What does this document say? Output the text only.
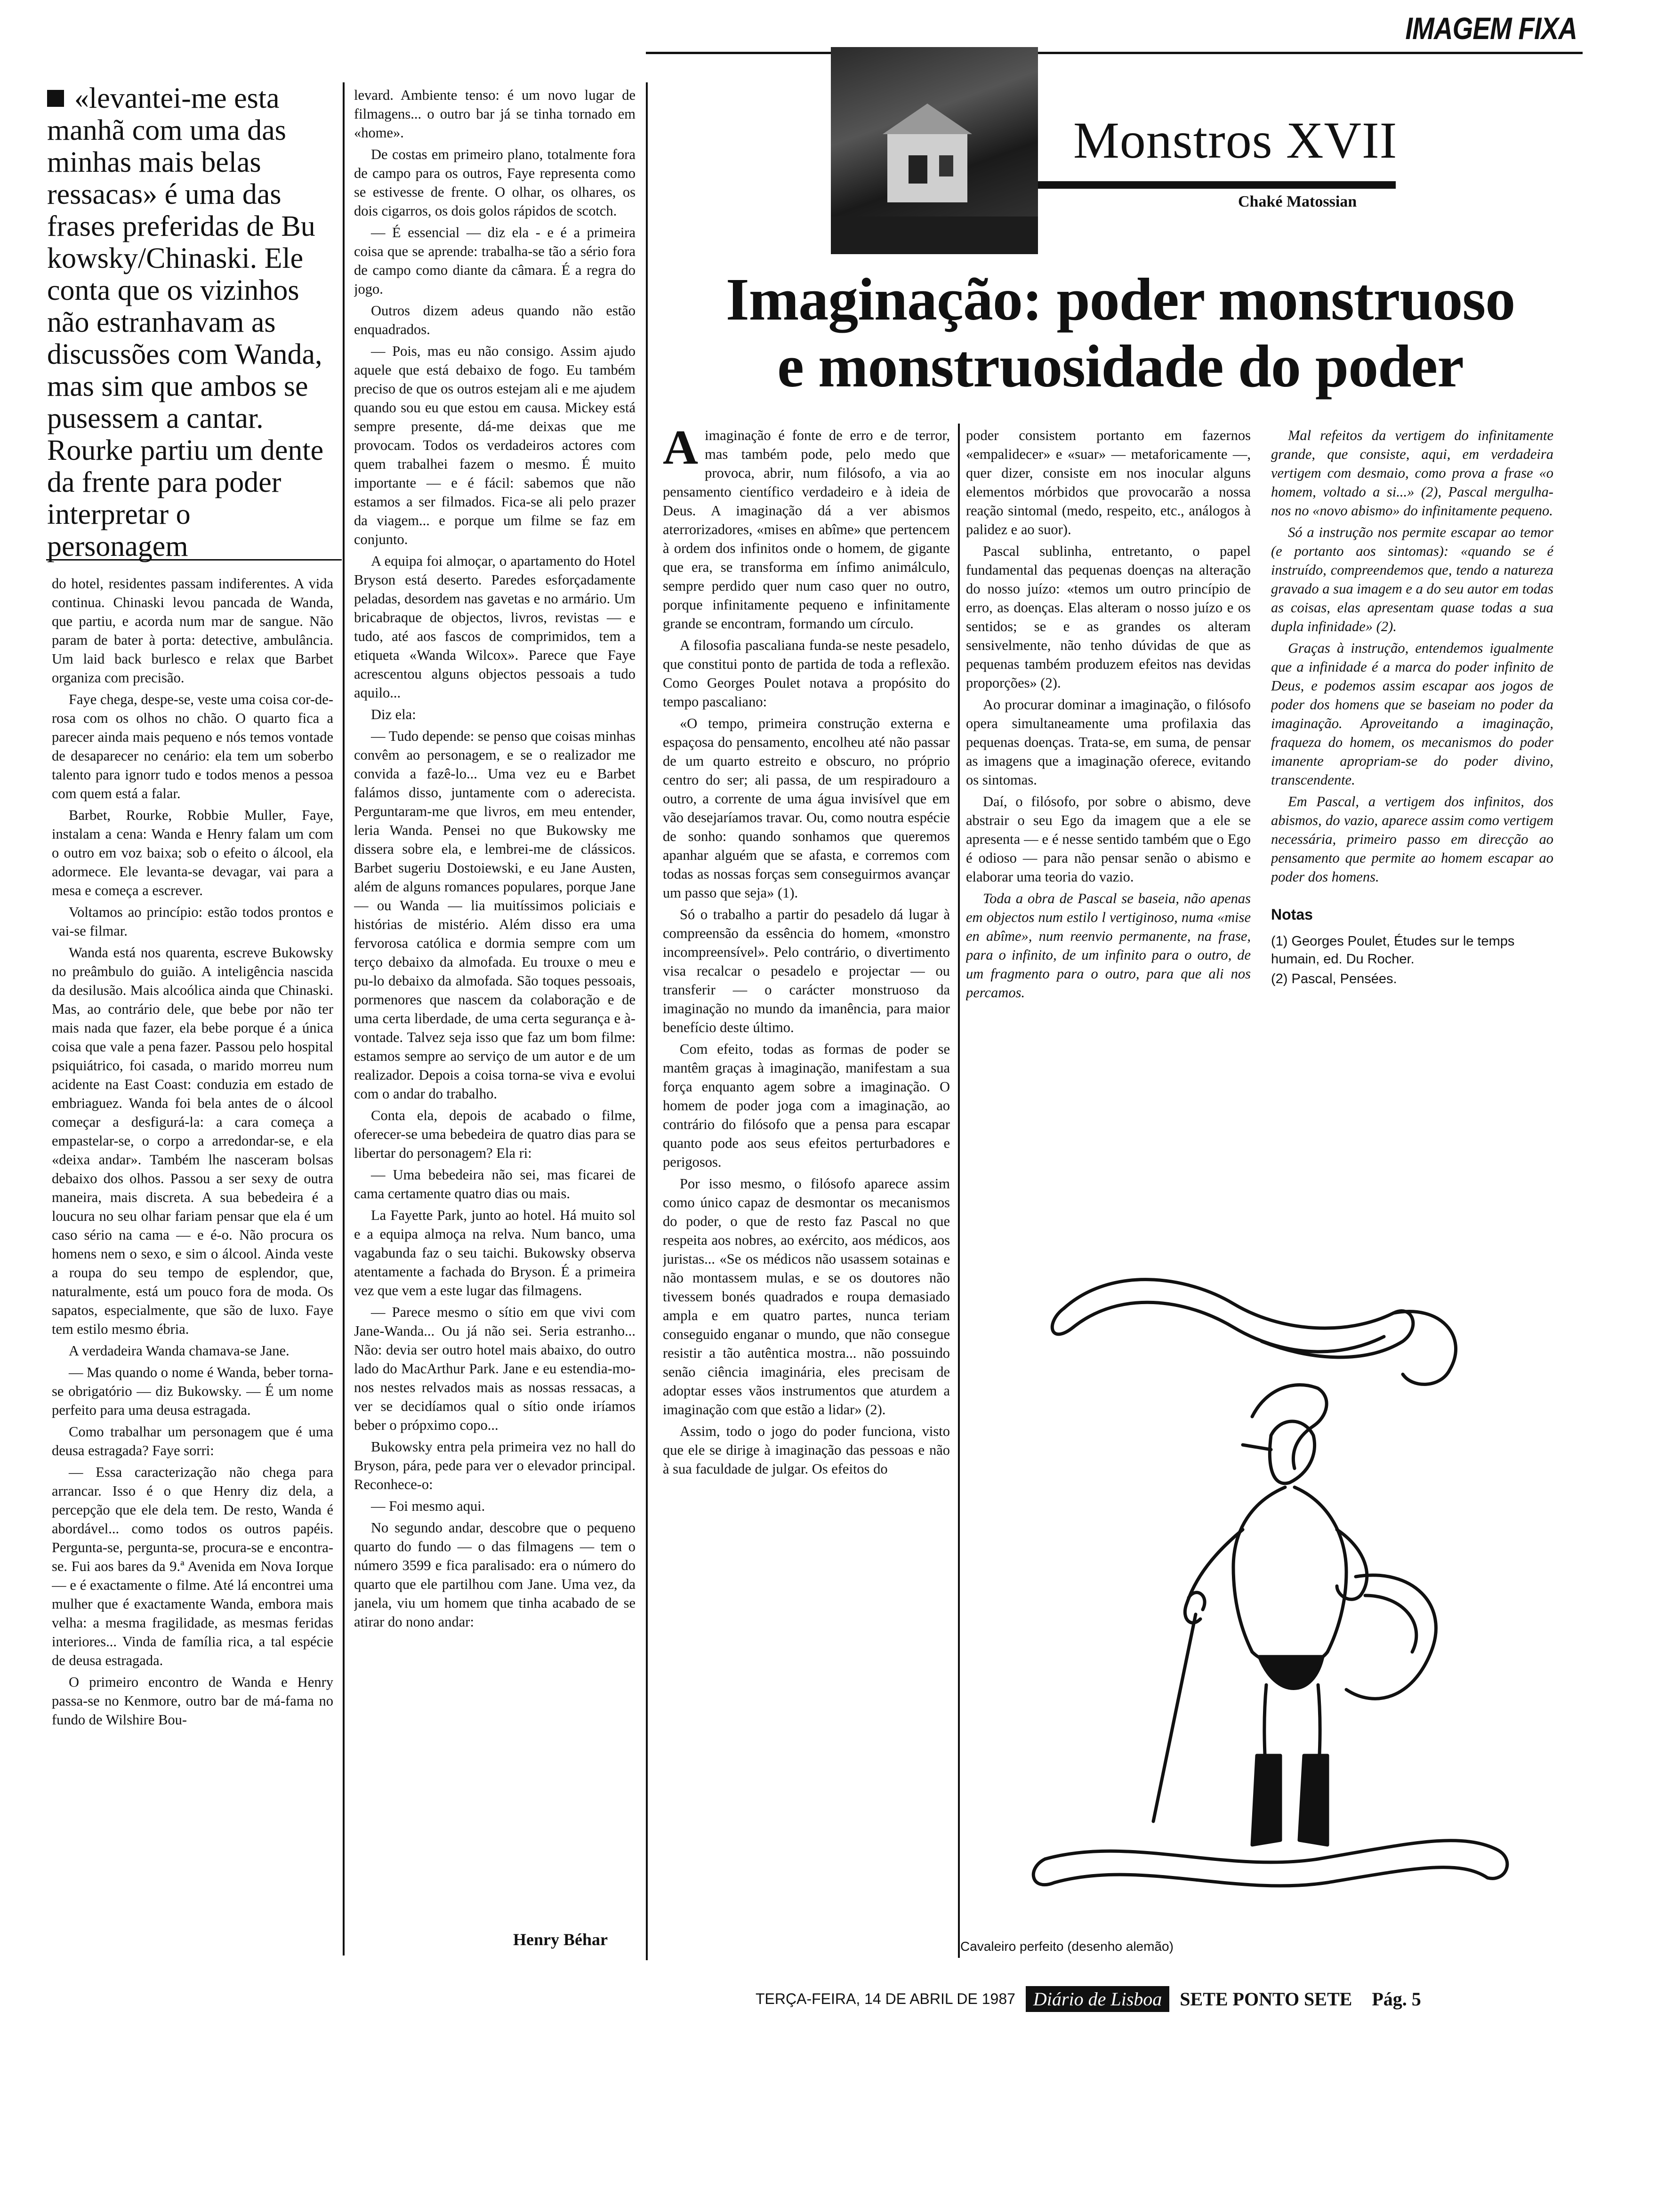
IMAGEM FIXA
«levantei-me esta manhã com uma das minhas mais belas ressacas» é uma das frases preferidas de Bu kowsky/Chinaski. Ele conta que os vizinhos não estranhavam as discussões com Wanda, mas sim que ambos se pusessem a cantar. Rourke partiu um dente da frente para poder interpretar o personagem

do hotel, residentes passam indiferentes. A vida continua. Chinaski levou pancada de Wanda, que partiu, e acorda num mar de sangue. Não param de bater à porta: detective, ambulância. Um laid back burlesco e relax que Barbet organiza com precisão.

Faye chega, despe-se, veste uma coisa cor-de-rosa com os olhos no chão. O quarto fica a parecer ainda mais pequeno e nós temos vontade de desaparecer no cenário: ela tem um soberbo talento para ignorr tudo e todos menos a pessoa com quem está a falar.

Barbet, Rourke, Robbie Muller, Faye, instalam a cena: Wanda e Henry falam um com o outro em voz baixa; sob o efeito o álcool, ela adormece. Ele levanta-se devagar, vai para a mesa e começa a escrever.

Voltamos ao princípio: estão todos prontos e vai-se filmar.

Wanda está nos quarenta, escreve Bukowsky no preâmbulo do guião. A inteligência nascida da desilusão. Mais alcoólica ainda que Chinaski. Mas, ao contrário dele, que bebe por não ter mais nada que fazer, ela bebe porque é a única coisa que vale a pena fazer. Passou pelo hospital psiquiátrico, foi casada, o marido morreu num acidente na East Coast: conduzia em estado de embriaguez. Wanda foi bela antes de o álcool começar a desfigurá-la: a cara começa a empastelar-se, o corpo a arredondar-se, e ela «deixa andar». Também lhe nasceram bolsas debaixo dos olhos. Passou a ser sexy de outra maneira, mais discreta. A sua bebedeira é a loucura no seu olhar fariam pensar que ela é um caso sério na cama — e é-o. Não procura os homens nem o sexo, e sim o álcool. Ainda veste a roupa do seu tempo de esplendor, que, naturalmente, está um pouco fora de moda. Os sapatos, especialmente, que são de luxo. Faye tem estilo mesmo ébria.

A verdadeira Wanda chamava-se Jane.

— Mas quando o nome é Wanda, beber torna-se obrigatório — diz Bukowsky. — É um nome perfeito para uma deusa estragada.

Como trabalhar um personagem que é uma deusa estragada? Faye sorri:

— Essa caracterização não chega para arrancar. Isso é o que Henry diz dela, a percepção que ele dela tem. De resto, Wanda é abordável... como todos os outros papéis. Pergunta-se, pergunta-se, procura-se e encontra-se. Fui aos bares da 9.ª Avenida em Nova Iorque — e é exactamente o filme. Até lá encontrei uma mulher que é exactamente Wanda, embora mais velha: a mesma fragilidade, as mesmas feridas interiores... Vinda de família rica, a tal espécie de deusa estragada.

O primeiro encontro de Wanda e Henry passa-se no Kenmore, outro bar de má-fama no fundo de Wilshire Bou-

levard. Ambiente tenso: é um novo lugar de filmagens... o outro bar já se tinha tornado em «home».

De costas em primeiro plano, totalmente fora de campo para os outros, Faye representa como se estivesse de frente. O olhar, os olhares, os dois cigarros, os dois golos rápidos de scotch.

— É essencial — diz ela - e é a primeira coisa que se aprende: trabalha-se tão a sério fora de campo como diante da câmara. É a regra do jogo.

Outros dizem adeus quando não estão enquadrados.

— Pois, mas eu não consigo. Assim ajudo aquele que está debaixo de fogo. Eu também preciso de que os outros estejam ali e me ajudem quando sou eu que estou em causa. Mickey está sempre presente, dá-me deixas que me provocam. Todos os verdadeiros actores com quem trabalhei fazem o mesmo. É muito importante — e é fácil: sabemos que não estamos a ser filmados. Fica-se ali pelo prazer da viagem... e porque um filme se faz em conjunto.

A equipa foi almoçar, o apartamento do Hotel Bryson está deserto. Paredes esforçadamente peladas, desordem nas gavetas e no armário. Um bricabraque de objectos, livros, revistas — e tudo, até aos fascos de comprimidos, tem a etiqueta «Wanda Wilcox». Parece que Faye acrescentou alguns objectos pessoais a tudo aquilo...

Diz ela:

— Tudo depende: se penso que coisas minhas convêm ao personagem, e se o realizador me convida a fazê-lo... Uma vez eu e Barbet falámos disso, juntamente com o aderecista. Perguntaram-me que livros, em meu entender, leria Wanda. Pensei no que Bukowsky me dissera sobre ela, e lembrei-me de clássicos. Barbet sugeriu Dostoiewski, e eu Jane Austen, além de alguns romances populares, porque Jane — ou Wanda — lia muitíssimos policiais e histórias de mistério. Além disso era uma fervorosa católica e dormia sempre com um terço debaixo da almofada. Eu trouxe o meu e pu-lo debaixo da almofada. São toques pessoais, pormenores que nascem da colaboração e de uma certa liberdade, de uma certa segurança e à-vontade. Talvez seja isso que faz um bom filme: estamos sempre ao serviço de um autor e de um realizador. Depois a coisa torna-se viva e evolui com o andar do trabalho.

Conta ela, depois de acabado o filme, oferecer-se uma bebedeira de quatro dias para se libertar do personagem? Ela ri:

— Uma bebedeira não sei, mas ficarei de cama certamente quatro dias ou mais.

La Fayette Park, junto ao hotel. Há muito sol e a equipa almoça na relva. Num banco, uma vagabunda faz o seu taichi. Bukowsky observa atentamente a fachada do Bryson. É a primeira vez que vem a este lugar das filmagens.

— Parece mesmo o sítio em que vivi com Jane-Wanda... Ou já não sei. Seria estranho... Não: devia ser outro hotel mais abaixo, do outro lado do MacArthur Park. Jane e eu estendia-mo-nos nestes relvados mais as nossas ressacas, a ver se decidíamos qual o sítio onde iríamos beber o própximo copo...

Bukowsky entra pela primeira vez no hall do Bryson, pára, pede para ver o elevador principal. Reconhece-o:

— Foi mesmo aqui.

No segundo andar, descobre que o pequeno quarto do fundo — o das filmagens — tem o número 3599 e fica paralisado: era o número do quarto que ele partilhou com Jane. Uma vez, da janela, viu um homem que tinha acabado de se atirar do nono andar:

Henry Béhar
Monstros XVII
Chaké Matossian
Imaginação: poder monstruoso
e monstruosidade do poder

Aimaginação é fonte de erro e de terror, mas também pode, pelo medo que provoca, abrir, num filósofo, a via ao pensamento científico verdadeiro e à ideia de Deus. A imaginação dá a ver abismos aterrorizadores, «mises en abîme» que pertencem à ordem dos infinitos onde o homem, de gigante que era, se transforma em ínfimo animálculo, sempre perdido quer num caso quer no outro, porque infinitamente pequeno e infinitamente grande se encontram, formando um círculo.

A filosofia pascaliana funda-se neste pesadelo, que constitui ponto de partida de toda a reflexão. Como Georges Poulet notava a propósito do tempo pascaliano:

«O tempo, primeira construção externa e espaçosa do pensamento, encolheu até não passar de um quarto estreito e obscuro, no próprio centro do ser; ali passa, de um respiradouro a outro, a corrente de uma água invisível que em vão desejaríamos travar. Ou, como noutra espécie de sonho: quando sonhamos que queremos apanhar alguém que se afasta, e corremos com todas as nossas forças sem conseguirmos avançar um passo que seja» (1).

Só o trabalho a partir do pesadelo dá lugar à compreensão da essência do homem, «monstro incompreensível». Pelo contrário, o divertimento visa recalcar o pesadelo e projectar — ou transferir — o carácter monstruoso da imaginação no mundo da imanência, para maior benefício deste último.

Com efeito, todas as formas de poder se mantêm graças à imaginação, manifestam a sua força enquanto agem sobre a imaginação. O homem de poder joga com a imaginação, ao contrário do filósofo que a pensa para escapar quanto pode aos seus efeitos perturbadores e perigosos.

Por isso mesmo, o filósofo aparece assim como único capaz de desmontar os mecanismos do poder, o que de resto faz Pascal no que respeita aos nobres, ao exército, aos médicos, aos juristas... «Se os médicos não usassem sotainas e não montassem mulas, e se os doutores não tivessem bonés quadrados e roupa demasiado ampla e em quatro partes, nunca teriam conseguido enganar o mundo, que não consegue resistir a tão autêntica mostra... não possuindo senão ciência imaginária, eles precisam de adoptar esses vãos instrumentos que aturdem a imaginação com que estão a lidar» (2).

Assim, todo o jogo do poder funciona, visto que ele se dirige à imaginação das pessoas e não à sua faculdade de julgar. Os efeitos do

poder consistem portanto em fazernos «empalidecer» e «suar» — metaforicamente —, quer dizer, consiste em nos inocular alguns elementos mórbidos que provocarão a nossa reação sintomal (medo, respeito, etc., análogos à palidez e ao suor).

Pascal sublinha, entretanto, o papel fundamental das pequenas doenças na alteração do nosso juízo: «temos um outro princípio de erro, as doenças. Elas alteram o nosso juízo e os sentidos; se e as grandes os alteram sensivelmente, não tenho dúvidas de que as pequenas também produzem efeitos nas devidas proporções» (2).

Ao procurar dominar a imaginação, o filósofo opera simultaneamente uma profilaxia das pequenas doenças. Trata-se, em suma, de pensar as imagens que a imaginação oferece, evitando os sintomas.

Daí, o filósofo, por sobre o abismo, deve abstrair o seu Ego da imagem que a ele se apresenta — e é nesse sentido também que o Ego é odioso — para não pensar senão o abismo e elaborar uma teoria do vazio.

Toda a obra de Pascal se baseia, não apenas em objectos num estilo l vertiginoso, numa «mise en abîme», num reenvio permanente, na frase, para o infinito, de um infinito para o outro, de um fragmento para o outro, para que ali nos percamos.

Mal refeitos da vertigem do infinitamente grande, que consiste, aqui, em verdadeira vertigem com desmaio, como prova a frase «o homem, voltado a si...» (2), Pascal mergulha-nos no «novo abismo» do infinitamente pequeno.

Só a instrução nos permite escapar ao temor (e portanto aos sintomas): «quando se é instruído, compreendemos que, tendo a natureza gravado a sua imagem e a do seu autor em todas as coisas, elas apresentam quase todas a sua dupla infinidade» (2).

Graças à instrução, entendemos igualmente que a infinidade é a marca do poder infinito de Deus, e podemos assim escapar aos jogos de poder dos homens que se baseiam no poder da imaginação. Aproveitando a imaginação, fraqueza do homem, os mecanismos do poder imanente apropriam-se do poder divino, transcendente.

Em Pascal, a vertigem dos infinitos, dos abismos, do vazio, aparece assim como vertigem necessária, primeiro passo em direcção ao pensamento que permite ao homem escapar ao poder dos homens.

Notas

(1) Georges Poulet, Études sur le temps humain, ed. Du Rocher.

(2) Pascal, Pensées.

Cavaleiro perfeito (desenho alemão)
TERÇA-FEIRA, 14 DE ABRIL DE 1987 Diário de Lisboa SETE PONTO SETE Pág. 5
